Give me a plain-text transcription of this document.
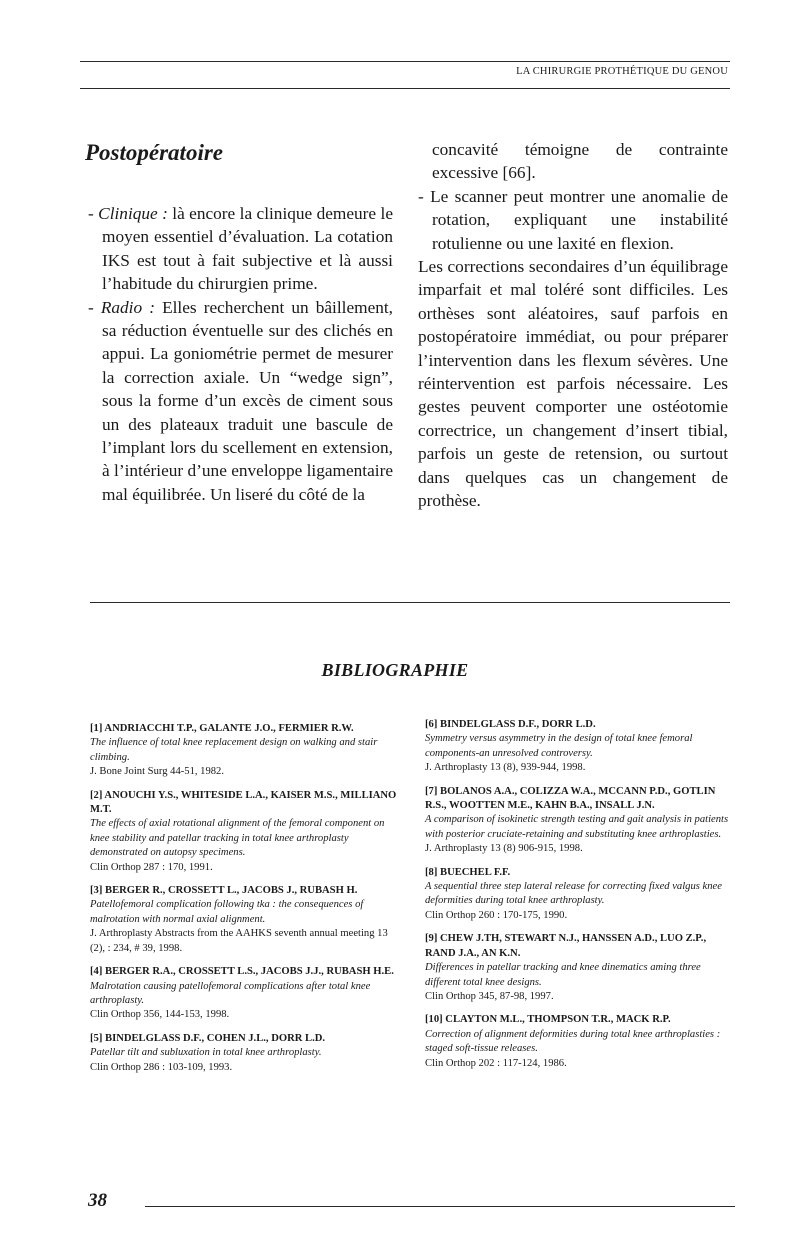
LA CHIRURGIE PROTHÉTIQUE DU GENOU
Postopératoire

- Clinique : là encore la clinique demeure le moyen essentiel d’évaluation. La cotation IKS est tout à fait subjective et là aussi l’habitude du chirurgien prime.

- Radio : Elles recherchent un bâillement, sa réduction éventuelle sur des clichés en appui. La goniométrie permet de mesurer la correction axiale. Un “wedge sign”, sous la forme d’un excès de ciment sous un des plateaux traduit une bascule de l’implant lors du scellement en extension, à l’intérieur d’une enveloppe ligamentaire mal équilibrée. Un liseré du côté de la

concavité témoigne de contrainte excessive [66].

- Le scanner peut montrer une anomalie de rotation, expliquant une instabilité rotulienne ou une laxité en flexion.

Les corrections secondaires d’un équilibrage imparfait et mal toléré sont difficiles. Les orthèses sont aléatoires, sauf parfois en postopératoire immédiat, ou pour préparer l’intervention dans les flexum sévères. Une réintervention est parfois nécessaire. Les gestes peuvent comporter une ostéotomie correctrice, un changement d’insert tibial, parfois un geste de retension, ou surtout dans quelques cas un changement de prothèse.

BIBLIOGRAPHIE
[1] ANDRIACCHI T.P., GALANTE J.O., FERMIER R.W.
The influence of total knee replacement design on walking and stair climbing.
J. Bone Joint Surg 44-51, 1982.
[2] ANOUCHI Y.S., WHITESIDE L.A., KAISER M.S., MILLIANO M.T.
The effects of axial rotational alignment of the femoral component on knee stability and patellar tracking in total knee arthroplasty demonstrated on autopsy specimens.
Clin Orthop 287 : 170, 1991.
[3] BERGER R., CROSSETT L., JACOBS J., RUBASH H.
Patellofemoral complication following tka : the consequences of malrotation with normal axial alignment.
J. Arthroplasty Abstracts from the AAHKS seventh annual meeting 13 (2), : 234, # 39, 1998.
[4] BERGER R.A., CROSSETT L.S., JACOBS J.J., RUBASH H.E.
Malrotation causing patellofemoral complications after total knee arthroplasty.
Clin Orthop 356, 144-153, 1998.
[5] BINDELGLASS D.F., COHEN J.L., DORR L.D.
Patellar tilt and subluxation in total knee arthroplasty.
Clin Orthop 286 : 103-109, 1993.
[6] BINDELGLASS D.F., DORR L.D.
Symmetry versus asymmetry in the design of total knee femoral components-an unresolved controversy.
J. Arthroplasty 13 (8), 939-944, 1998.
[7] BOLANOS A.A., COLIZZA W.A., MCCANN P.D., GOTLIN R.S., WOOTTEN M.E., KAHN B.A., INSALL J.N.
A comparison of isokinetic strength testing and gait analysis in patients with posterior cruciate-retaining and substituting knee arthroplasties.
J. Arthroplasty 13 (8) 906-915, 1998.
[8] BUECHEL F.F.
A sequential three step lateral release for correcting fixed valgus knee deformities during total knee arthroplasty.
Clin Orthop 260 : 170-175, 1990.
[9] CHEW J.TH, STEWART N.J., HANSSEN A.D., LUO Z.P., RAND J.A., AN K.N.
Differences in patellar tracking and knee dinematics aming three different total knee designs.
Clin Orthop 345, 87-98, 1997.
[10] CLAYTON M.L., THOMPSON T.R., MACK R.P.
Correction of alignment deformities during total knee arthroplasties : staged soft-tissue releases.
Clin Orthop 202 : 117-124, 1986.
38
